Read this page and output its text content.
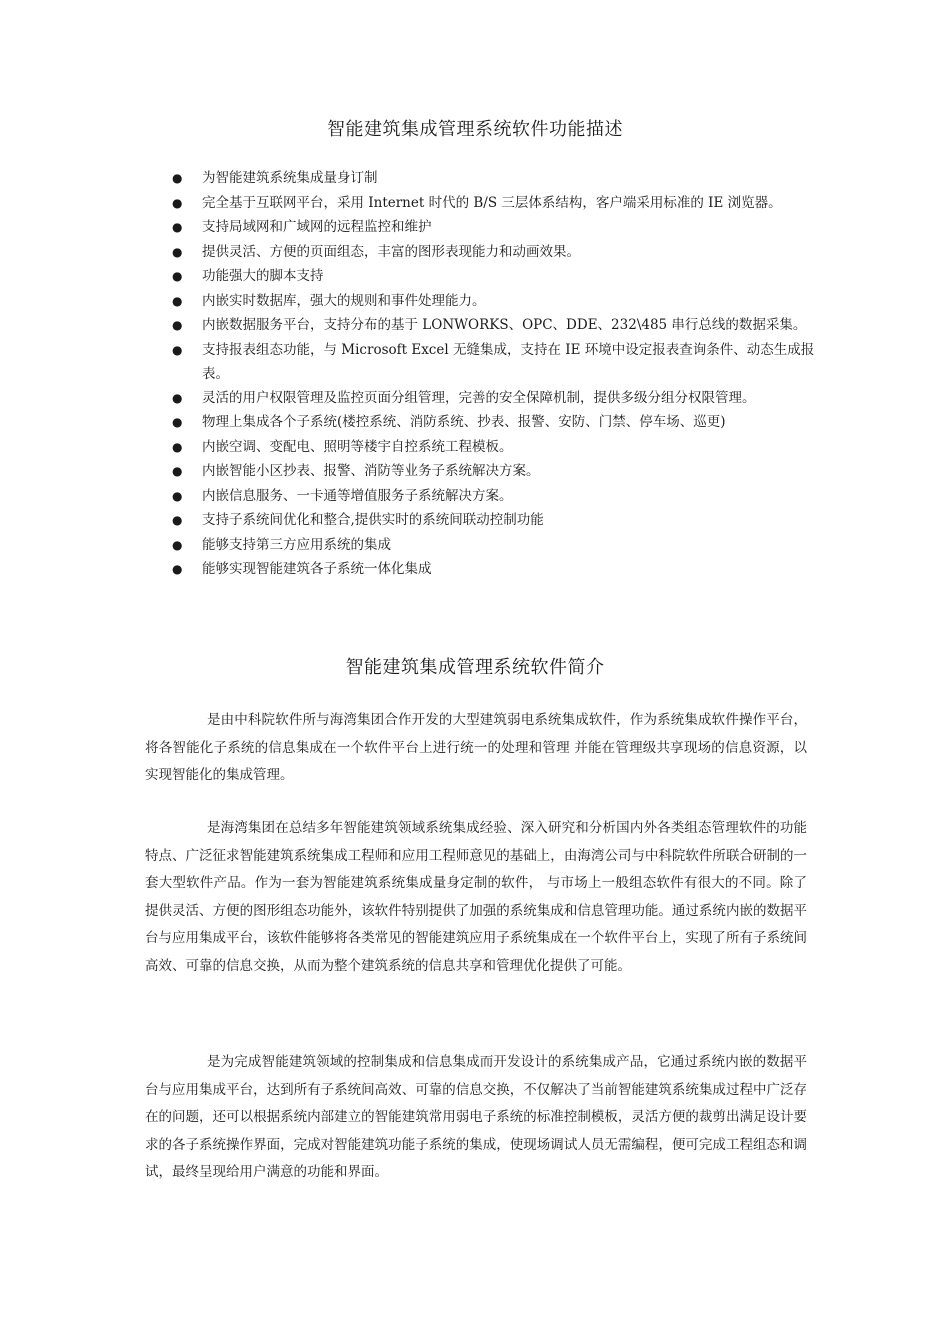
智能建筑集成管理系统软件功能描述
● 为智能建筑系统集成量身订制
● 完全基于互联网平台，采用 Internet 时代的 B/S 三层体系结构，客户端采用标准的 IE 浏览器。
● 支持局域网和广域网的远程监控和维护
● 提供灵活、方便的页面组态，丰富的图形表现能力和动画效果。
● 功能强大的脚本支持
● 内嵌实时数据库，强大的规则和事件处理能力。
● 内嵌数据服务平台，支持分布的基于 LONWORKS、OPC、DDE、232\485 串行总线的数据采集。
● 支持报表组态功能，与 Microsoft Excel 无缝集成，支持在 IE 环境中设定报表查询条件、动态生成报表。
● 灵活的用户权限管理及监控页面分组管理，完善的安全保障机制，提供多级分组分权限管理。
● 物理上集成各个子系统(楼控系统、消防系统、抄表、报警、安防、门禁、停车场、巡更)
● 内嵌空调、变配电、照明等楼宇自控系统工程模板。
● 内嵌智能小区抄表、报警、消防等业务子系统解决方案。
● 内嵌信息服务、一卡通等增值服务子系统解决方案。
● 支持子系统间优化和整合,提供实时的系统间联动控制功能
● 能够支持第三方应用系统的集成
● 能够实现智能建筑各子系统一体化集成
智能建筑集成管理系统软件简介

是由中科院软件所与海湾集团合作开发的大型建筑弱电系统集成软件，作为系统集成软件操作平台，将各智能化子系统的信息集成在一个软件平台上进行统一的处理和管理 并能在管理级共享现场的信息资源，以实现智能化的集成管理。

是海湾集团在总结多年智能建筑领域系统集成经验、深入研究和分析国内外各类组态管理软件的功能特点、广泛征求智能建筑系统集成工程师和应用工程师意见的基础上，由海湾公司与中科院软件所联合研制的一套大型软件产品。作为一套为智能建筑系统集成量身定制的软件， 与市场上一般组态软件有很大的不同。除了提供灵活、方便的图形组态功能外，该软件特别提供了加强的系统集成和信息管理功能。通过系统内嵌的数据平台与应用集成平台，该软件能够将各类常见的智能建筑应用子系统集成在一个软件平台上，实现了所有子系统间高效、可靠的信息交换，从而为整个建筑系统的信息共享和管理优化提供了可能。

是为完成智能建筑领域的控制集成和信息集成而开发设计的系统集成产品，它通过系统内嵌的数据平台与应用集成平台，达到所有子系统间高效、可靠的信息交换，不仅解决了当前智能建筑系统集成过程中广泛存在的问题，还可以根据系统内部建立的智能建筑常用弱电子系统的标准控制模板，灵活方便的裁剪出满足设计要求的各子系统操作界面，完成对智能建筑功能子系统的集成，使现场调试人员无需编程，便可完成工程组态和调试，最终呈现给用户满意的功能和界面。
